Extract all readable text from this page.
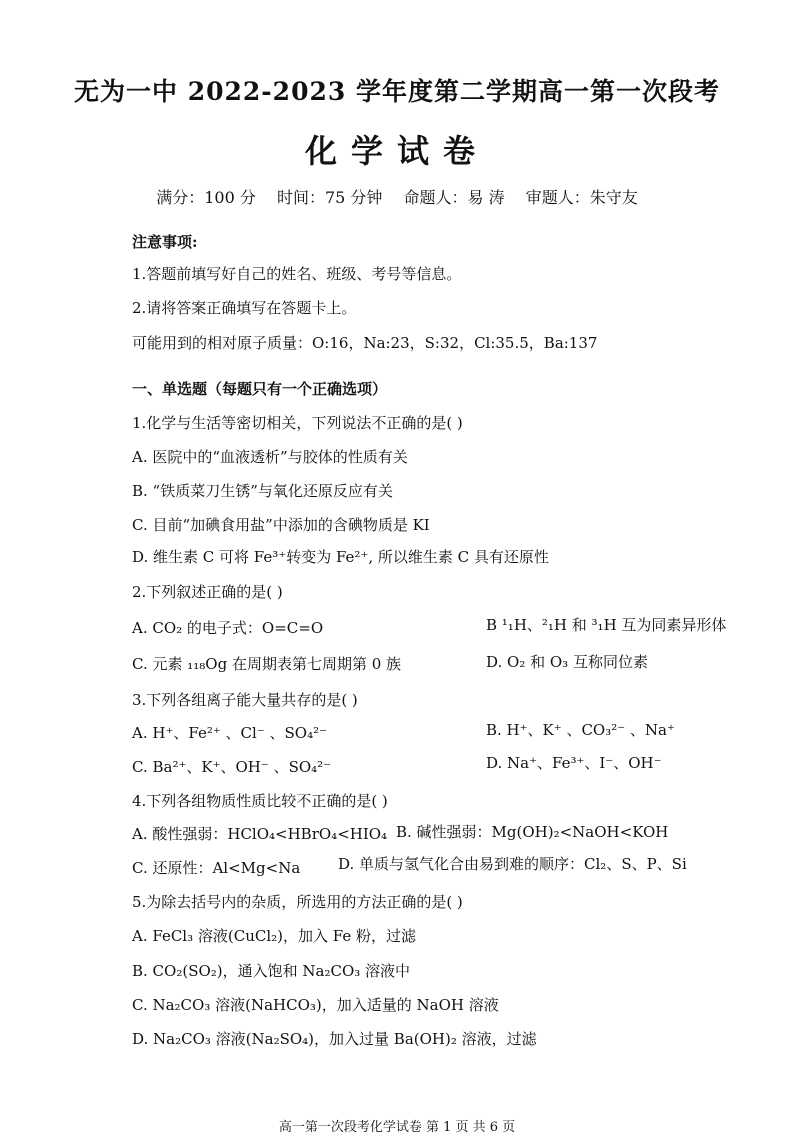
无为一中 2022-2023 学年度第二学期高一第一次段考
化学试卷
满分：100 分 时间：75 分钟 命题人：易 涛 审题人：朱守友
注意事项:
1.答题前填写好自己的姓名、班级、考号等信息。
2.请将答案正确填写在答题卡上。
可能用到的相对原子质量：O:16，Na:23，S:32，Cl:35.5，Ba:137
一、单选题（每题只有一个正确选项）
1.化学与生活等密切相关，下列说法不正确的是( )
A. 医院中的“血液透析”与胶体的性质有关
B. “铁质菜刀生锈”与氧化还原反应有关
C. 目前“加碘食用盐”中添加的含碘物质是 KI
D. 维生素 C 可将 Fe³⁺转变为 Fe²⁺, 所以维生素 C 具有还原性
2.下列叙述正确的是( )
A. CO₂ 的电子式：O=C=O	B ¹₁H、²₁H 和 ³₁H 互为同素异形体
C. 元素 ₁₁₈Og 在周期表第七周期第 0 族	D. O₂ 和 O₃ 互称同位素
3.下列各组离子能大量共存的是( )
A. H⁺、Fe²⁺ 、Cl⁻ 、SO₄²⁻	B. H⁺、K⁺ 、CO₃²⁻ 、Na⁺
C. Ba²⁺、K⁺、OH⁻ 、SO₄²⁻	D. Na⁺、Fe³⁺、I⁻、OH⁻
4.下列各组物质性质比较不正确的是( )
A. 酸性强弱：HClO₄<HBrO₄<HIO₄ B. 碱性强弱：Mg(OH)₂<NaOH<KOH
C. 还原性：Al<Mg<Na	D. 单质与氢气化合由易到难的顺序：Cl₂、S、P、Si
5.为除去括号内的杂质，所选用的方法正确的是( )
A. FeCl₃ 溶液(CuCl₂)，加入 Fe 粉，过滤
B. CO₂(SO₂)，通入饱和 Na₂CO₃ 溶液中
C. Na₂CO₃ 溶液(NaHCO₃)，加入适量的 NaOH 溶液
D. Na₂CO₃ 溶液(Na₂SO₄)，加入过量 Ba(OH)₂ 溶液，过滤
高一第一次段考化学试卷 第 1 页 共 6 页
